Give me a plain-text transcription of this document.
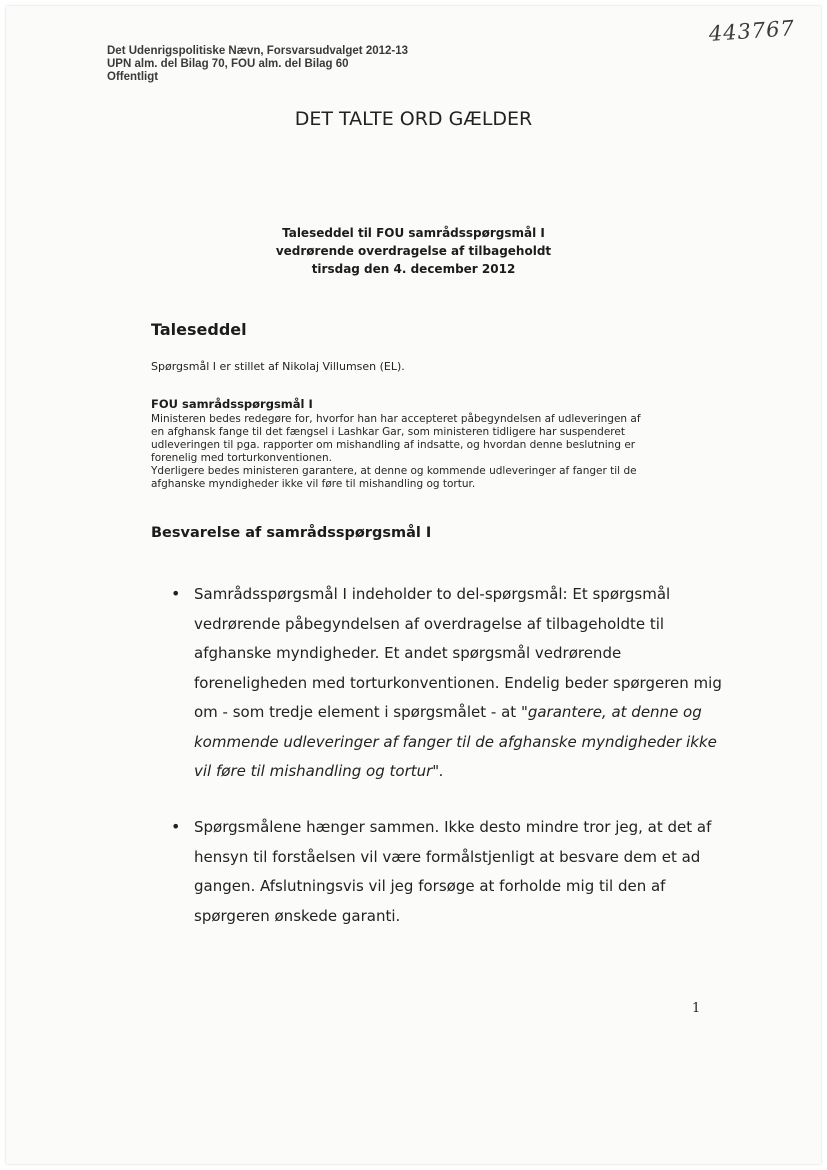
443767
Det Udenrigspolitiske Nævn, Forsvarsudvalget 2012-13
UPN alm. del Bilag 70, FOU alm. del Bilag 60
Offentligt
DET TALTE ORD GÆLDER
Taleseddel til FOU samrådsspørgsmål I
vedrørende overdragelse af tilbageholdt
tirsdag den 4. december 2012
Taleseddel
Spørgsmål I er stillet af Nikolaj Villumsen (EL).
FOU samrådsspørgsmål I
Ministeren bedes redegøre for, hvorfor han har accepteret påbegyndelsen af udleveringen af
en afghansk fange til det fængsel i Lashkar Gar, som ministeren tidligere har suspenderet
udleveringen til pga. rapporter om mishandling af indsatte, og hvordan denne beslutning er
forenelig med torturkonventionen.
Yderligere bedes ministeren garantere, at denne og kommende udleveringer af fanger til de
afghanske myndigheder ikke vil føre til mishandling og tortur.
Besvarelse af samrådsspørgsmål I
• Samrådsspørgsmål I indeholder to del-spørgsmål: Et spørgsmål
vedrørende påbegyndelsen af overdragelse af tilbageholdte til
afghanske myndigheder. Et andet spørgsmål vedrørende
foreneligheden med torturkonventionen. Endelig beder spørgeren mig
om - som tredje element i spørgsmålet - at "garantere, at denne og
kommende udleveringer af fanger til de afghanske myndigheder ikke
vil føre til mishandling og tortur".
• Spørgsmålene hænger sammen. Ikke desto mindre tror jeg, at det af
hensyn til forståelsen vil være formålstjenligt at besvare dem et ad
gangen. Afslutningsvis vil jeg forsøge at forholde mig til den af
spørgeren ønskede garanti.
1
